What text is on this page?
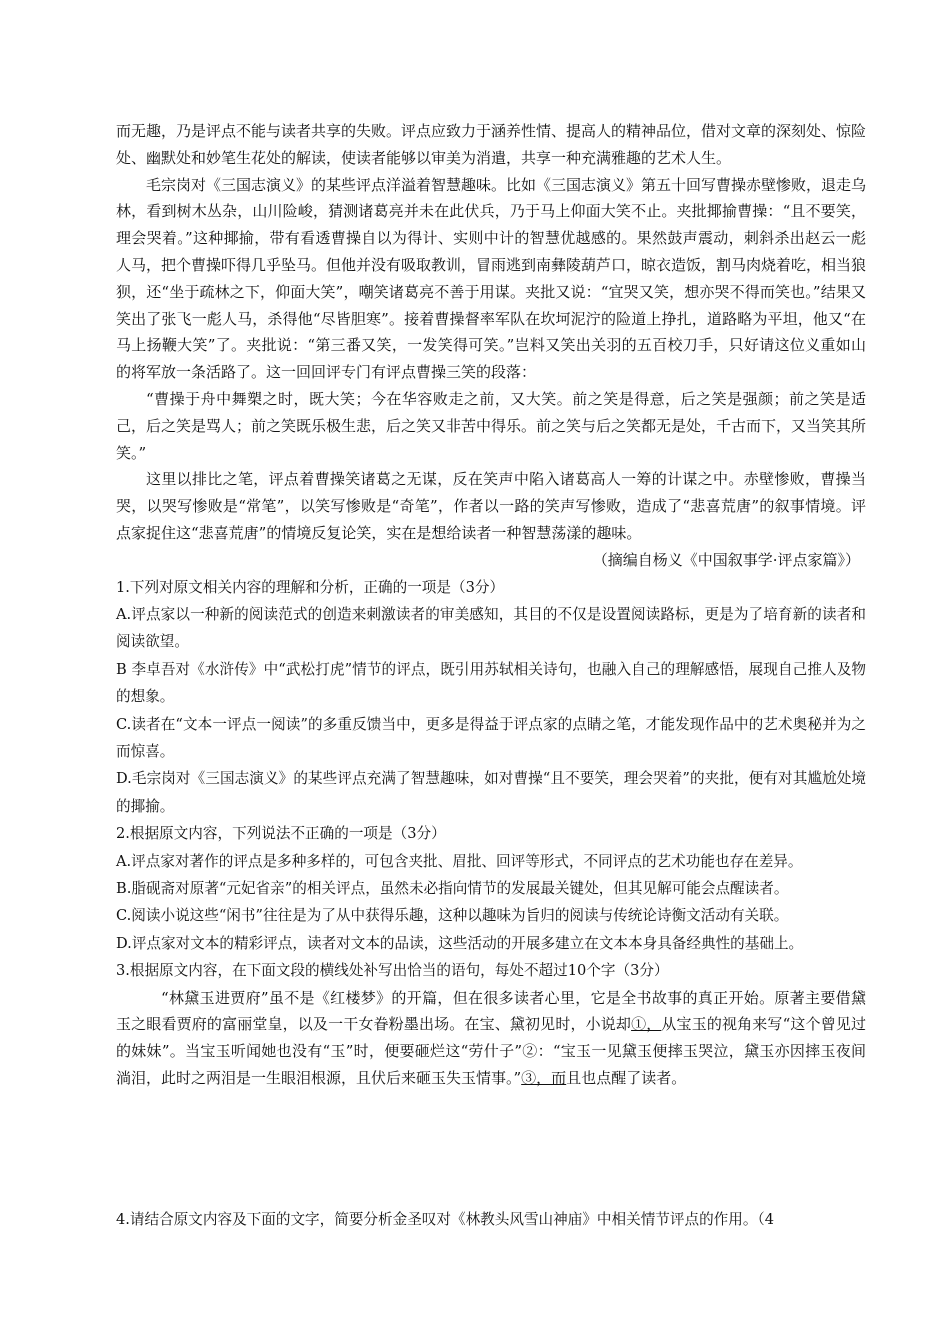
而无趣，乃是评点不能与读者共享的失败。评点应致力于涵养性情、提高人的精神品位，借对文章的深刻处、惊险处、幽默处和妙笔生花处的解读，使读者能够以审美为消遣，共享一种充满雅趣的艺术人生。

毛宗岗对《三国志演义》的某些评点洋溢着智慧趣味。比如《三国志演义》第五十回写曹操赤壁惨败，退走乌林，看到树木丛杂，山川险峻，猜测诸葛亮并未在此伏兵，乃于马上仰面大笑不止。夹批揶揄曹操：“且不要笑，理会哭着。”这种揶揄，带有看透曹操自以为得计、实则中计的智慧优越感的。果然鼓声震动，刺斜杀出赵云一彪人马，把个曹操吓得几乎坠马。但他并没有吸取教训，冒雨逃到南彝陵葫芦口，晾衣造饭，割马肉烧着吃，相当狼狈，还“坐于疏林之下，仰面大笑”，嘲笑诸葛亮不善于用谋。夹批又说：“宜哭又笑，想亦哭不得而笑也。”结果又笑出了张飞一彪人马，杀得他“尽皆胆寒”。接着曹操督率军队在坎坷泥泞的险道上挣扎，道路略为平坦，他又“在马上扬鞭大笑”了。夹批说：“第三番又笑，一发笑得可笑。”岂料又笑出关羽的五百校刀手，只好请这位义重如山的将军放一条活路了。这一回回评专门有评点曹操三笑的段落：

“曹操于舟中舞槊之时，既大笑；今在华容败走之前，又大笑。前之笑是得意，后之笑是强颜；前之笑是适己，后之笑是骂人；前之笑既乐极生悲，后之笑又非苦中得乐。前之笑与后之笑都无是处，千古而下，又当笑其所笑。”

这里以排比之笔，评点着曹操笑诸葛之无谋，反在笑声中陷入诸葛高人一筹的计谋之中。赤壁惨败，曹操当哭，以哭写惨败是“常笔”，以笑写惨败是“奇笔”，作者以一路的笑声写惨败，造成了“悲喜荒唐”的叙事情境。评点家捉住这“悲喜荒唐”的情境反复论笑，实在是想给读者一种智慧荡漾的趣味。

（摘编自杨义《中国叙事学·评点家篇》）

1.下列对原文相关内容的理解和分析，正确的一项是（3分）

A.评点家以一种新的阅读范式的创造来刺激读者的审美感知，其目的不仅是设置阅读路标，更是为了培育新的读者和阅读欲望。

B 李卓吾对《水浒传》中“武松打虎”情节的评点，既引用苏轼相关诗句，也融入自己的理解感悟，展现自己推人及物的想象。

C.读者在“文本一评点一阅读”的多重反馈当中，更多是得益于评点家的点睛之笔，才能发现作品中的艺术奥秘并为之而惊喜。

D.毛宗岗对《三国志演义》的某些评点充满了智慧趣味，如对曹操“且不要笑，理会哭着”的夹批，便有对其尴尬处境的揶揄。

2.根据原文内容，下列说法不正确的一项是（3分）

A.评点家对著作的评点是多种多样的，可包含夹批、眉批、回评等形式，不同评点的艺术功能也存在差异。

B.脂砚斋对原著“元妃省亲”的相关评点，虽然未必指向情节的发展最关键处，但其见解可能会点醒读者。

C.阅读小说这些“闲书”往往是为了从中获得乐趣，这种以趣味为旨归的阅读与传统论诗衡文活动有关联。

D.评点家对文本的精彩评点，读者对文本的品读，这些活动的开展多建立在文本本身具备经典性的基础上。

3.根据原文内容，在下面文段的横线处补写出恰当的语句，每处不超过10个字（3分）

“林黛玉进贾府”虽不是《红楼梦》的开篇，但在很多读者心里，它是全书故事的真正开始。原著主要借黛玉之眼看贾府的富丽堂皇，以及一干女眷粉墨出场。在宝、黛初见时，小说却①，从宝玉的视角来写“这个曾见过的妹妹”。当宝玉听闻她也没有“玉”时，便要砸烂这“劳什子”②：“宝玉一见黛玉便摔玉哭泣，黛玉亦因摔玉夜间淌泪，此时之两泪是一生眼泪根源，且伏后来砸玉失玉情事。”③，而且也点醒了读者。

4.请结合原文内容及下面的文字，简要分析金圣叹对《林教头风雪山神庙》中相关情节评点的作用。（4
